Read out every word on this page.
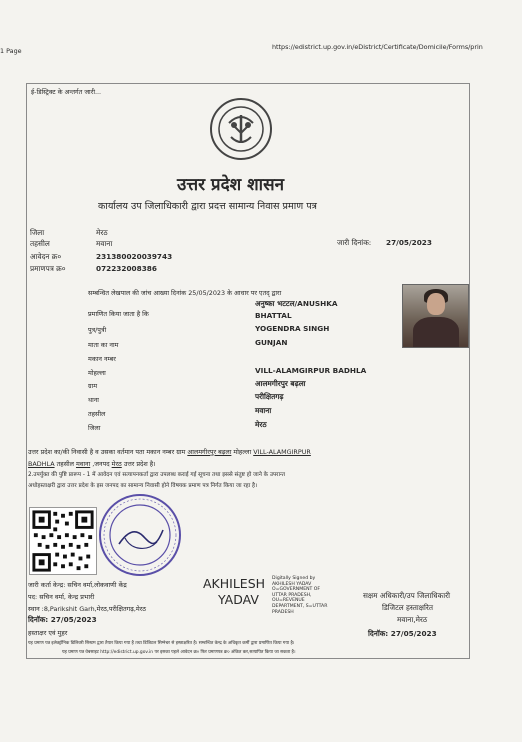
1 Page	https://edistrict.up.gov.in/eDistrict/Certificate/Domicile/Forms/prin
ई-डिस्ट्रिक्ट के अन्तर्गत जारी...
उत्तर प्रदेश शासन
कार्यालय उप जिलाधिकारी द्वारा प्रदत्त सामान्य निवास प्रमाण पत्र
जिला	मेरठ
तहसील	मवाना
आवेदन क्र०	231380020039743
प्रमाणपत्र क्र०	072232008386
जारी दिनांक: 27/05/2023
सम्बन्धित लेखपाल की जांच आख्या दिनांक 25/05/2023 के आधार पर एतद् द्वारा
प्रमाणित किया जाता है कि
अनुष्का भटटल/ANUSHKA
BHATTAL
पुत्र/पुत्री	YOGENDRA SINGH
माता का नाम	GUNJAN
मकान नम्बर
मोहल्ला	VILL-ALAMGIRPUR BADHLA
ग्राम	आलमगीरपुर बढ़ला
थाना	परीक्षितगढ़
तहसील	मवाना
जिला	मेरठ
उत्तर प्रदेश का/की निवासी है व उसका वर्तमान पता मकान नम्बर ग्राम आलमगीरपुर बढ़ला मोहल्ला VILL-ALAMGIRPUR
BADHLA तहसील मवाना ,जनपद मेरठ उत्तर प्रदेश है।
2.उपर्युक्त की पुष्टि प्रारूप - 1 में आवेदन एवं सत्यापनकर्ता द्वारा उपलब्ध कराई गई सूचना तथा इससे संतुष्ट हो जाने के उपरान्त
अधोहस्ताक्षरी द्वारा उत्तर प्रदेश के इस जनपद का सामान्य निवासी होने विषयक प्रमाण पत्र निर्गत किया जा रहा है।
जारी कर्ता केन्द्र: सचिन वर्मा,लोकवाणी केंद्र
पद: सचिन वर्मा, केन्द्र प्रभारी
स्थान :8,Parikshit Garh,मेरठ,परीक्षितगढ़,मेरठ
दिनॉक: 27/05/2023
हस्ताक्षर एवं मुहर
AKHILESH
YADAV
Digitally Signed by
AKHILESH YADAV
O=GOVERNMENT OF
UTTAR PRADESH,
OU=REVENUE
DEPARTMENT, S=UTTAR
PRADESH
सक्षम अधिकारी/उप जिलाधिकारी
डिजिटल हस्ताक्षरित
मवाना,मेरठ
दिनॉक: 27/05/2023
यह प्रमाण पत्र इलेक्ट्रॉनिक डिलिवरी सिस्टम द्वारा तैयार किया गया है तथा डिजिटल सिग्नेचर से हस्ताक्षरित है। सम्बन्धित केन्द्र के अधिकृत कर्मी द्वारा प्रमाणित किया गया है।
यह प्रमाण पत्र वेबसाइट http://edistrict.up.gov.in पर इसका पहले आवेदन क्र० फिर प्रमाणपत्र क्र० अंकित कर,सत्यापित किया जा सकता है।
